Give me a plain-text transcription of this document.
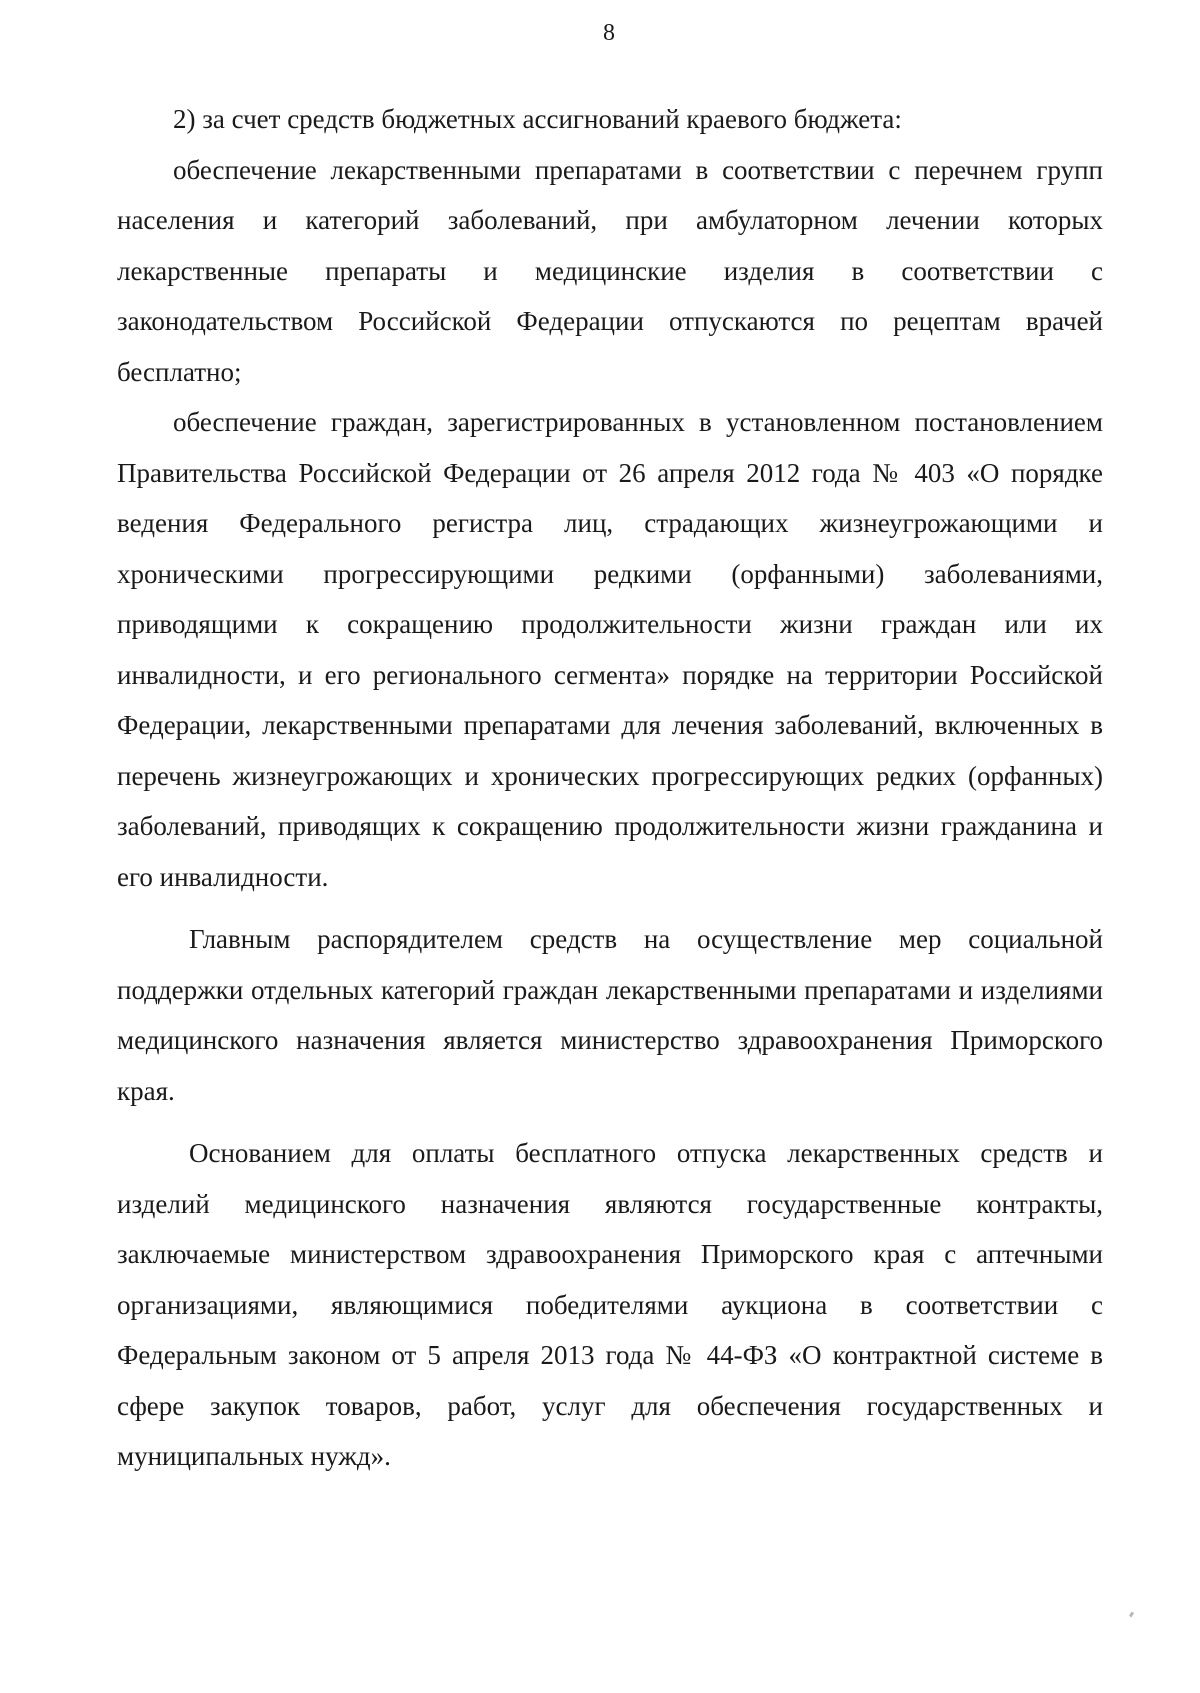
8

2) за счет средств бюджетных ассигнований краевого бюджета:

обеспечение лекарственными препаратами в соответствии с перечнем групп населения и категорий заболеваний, при амбулаторном лечении которых лекарственные препараты и медицинские изделия в соответствии с законодательством Российской Федерации отпускаются по рецептам врачей бесплатно;

обеспечение граждан, зарегистрированных в установленном постановлением Правительства Российской Федерации от 26 апреля 2012 года № 403 «О порядке ведения Федерального регистра лиц, страдающих жизнеугрожающими и хроническими прогрессирующими редкими (орфанными) заболеваниями, приводящими к сокращению продолжительности жизни граждан или их инвалидности, и его регионального сегмента» порядке на территории Российской Федерации, лекарственными препаратами для лечения заболеваний, включенных в перечень жизнеугрожающих и хронических прогрессирующих редких (орфанных) заболеваний, приводящих к сокращению продолжительности жизни гражданина и его инвалидности.

Главным распорядителем средств на осуществление мер социальной поддержки отдельных категорий граждан лекарственными препаратами и изделиями медицинского назначения является министерство здравоохранения Приморского края.

Основанием для оплаты бесплатного отпуска лекарственных средств и изделий медицинского назначения являются государственные контракты, заключаемые министерством здравоохранения Приморского края с аптечными организациями, являющимися победителями аукциона в соответствии с Федеральным законом от 5 апреля 2013 года № 44-ФЗ «О контрактной системе в сфере закупок товаров, работ, услуг для обеспечения государственных и муниципальных нужд».
